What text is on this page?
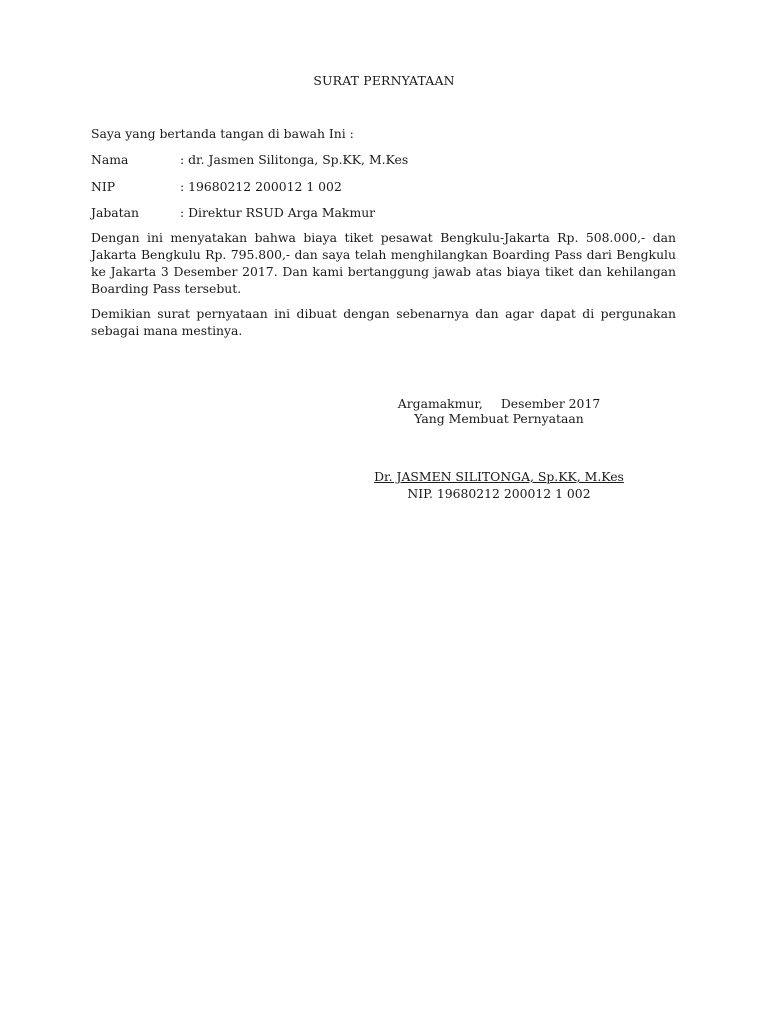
SURAT PERNYATAAN
Saya yang bertanda tangan di bawah Ini :
Nama	: dr. Jasmen Silitonga, Sp.KK, M.Kes
NIP	: 19680212 200012 1 002
Jabatan	: Direktur RSUD Arga Makmur

Dengan ini menyatakan bahwa biaya tiket pesawat Bengkulu-Jakarta Rp. 508.000,- dan Jakarta Bengkulu Rp. 795.800,- dan saya telah menghilangkan Boarding Pass dari Bengkulu ke Jakarta 3 Desember 2017. Dan kami bertanggung jawab atas biaya tiket dan kehilangan Boarding Pass tersebut.

Demikian surat pernyataan ini dibuat dengan sebenarnya dan agar dapat di pergunakan sebagai mana mestinya.

Argamakmur, Desember 2017
Yang Membuat Pernyataan
Dr. JASMEN SILITONGA, Sp.KK, M.Kes
NIP. 19680212 200012 1 002
